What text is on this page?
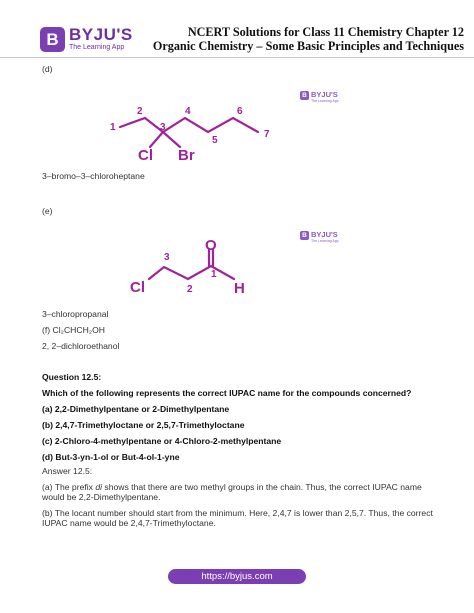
B BYJU'S
The Learning App
NCERT Solutions for Class 11 Chemistry Chapter 12
Organic Chemistry – Some Basic Principles and Techniques
(d)
B BYJU'S
The Learning App
1
2
3
4
5
6
7
Cl Br
3
2
1
Cl
O
H
3–bromo–3–chloroheptane
(e)
B BYJU'S
The Learning App
3–chloropropanal
(f) Cl₂CHCH₂OH
2, 2–dichloroethanol
Question 12.5:
Which of the following represents the correct IUPAC name for the compounds concerned?
(a) 2,2-Dimethylpentane or 2-Dimethylpentane
(b) 2,4,7-Trimethyloctane or 2,5,7-Trimethyloctane
(c) 2-Chloro-4-methylpentane or 4-Chloro-2-methylpentane
(d) But-3-yn-1-ol or But-4-ol-1-yne
Answer 12.5:
(a) The prefix di shows that there are two methyl groups in the chain. Thus, the correct IUPAC name
would be 2,2-Dimethylpentane.
(b) The locant number should start from the minimum. Here, 2,4,7 is lower than 2,5,7. Thus, the correct
IUPAC name would be 2,4,7-Trimethyloctane.
https://byjus.com
